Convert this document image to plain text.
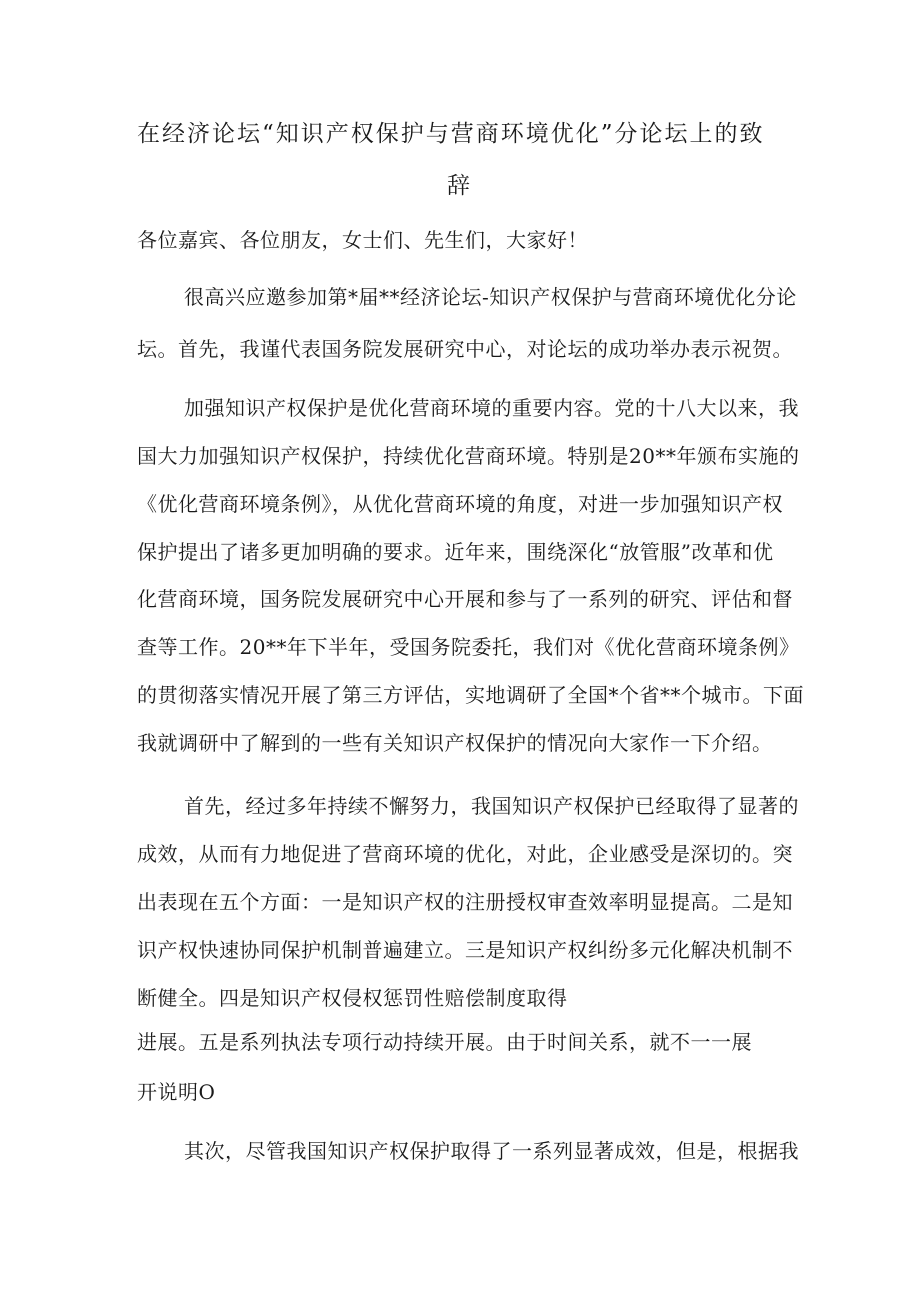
在经济论坛“知识产权保护与营商环境优化”分论坛上的致

辞

各位嘉宾、各位朋友，女士们、先生们，大家好！

很高兴应邀参加第*届**经济论坛-知识产权保护与营商环境优化分论

坛。首先，我谨代表国务院发展研究中心，对论坛的成功举办表示祝贺。

加强知识产权保护是优化营商环境的重要内容。党的十八大以来，我

国大力加强知识产权保护，持续优化营商环境。特别是20**年颁布实施的

《优化营商环境条例》，从优化营商环境的角度，对进一步加强知识产权

保护提出了诸多更加明确的要求。近年来，围绕深化“放管服”改革和优

化营商环境，国务院发展研究中心开展和参与了一系列的研究、评估和督

查等工作。20**年下半年，受国务院委托，我们对《优化营商环境条例》

的贯彻落实情况开展了第三方评估，实地调研了全国*个省**个城市。下面

我就调研中了解到的一些有关知识产权保护的情况向大家作一下介绍。

首先，经过多年持续不懈努力，我国知识产权保护已经取得了显著的

成效，从而有力地促进了营商环境的优化，对此，企业感受是深切的。突

出表现在五个方面：一是知识产权的注册授权审查效率明显提高。二是知

识产权快速协同保护机制普遍建立。三是知识产权纠纷多元化解决机制不

断健全。四是知识产权侵权惩罚性赔偿制度取得

进展。五是系列执法专项行动持续开展。由于时间关系，就不一一展

开说明O

其次，尽管我国知识产权保护取得了一系列显著成效，但是，根据我
